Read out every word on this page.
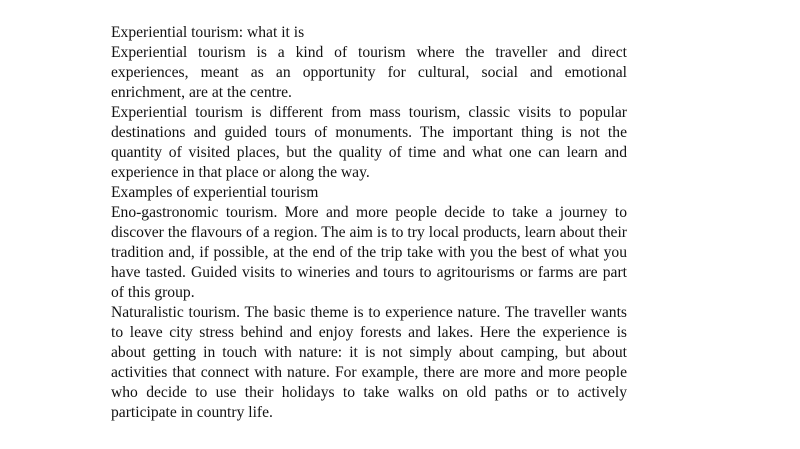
Experiential tourism: what it is

Experiential tourism is a kind of tourism where the traveller and direct experiences, meant as an opportunity for cultural, social and emotional enrichment, are at the centre.

Experiential tourism is different from mass tourism, classic visits to popular destinations and guided tours of monuments. The important thing is not the quantity of visited places, but the quality of time and what one can learn and experience in that place or along the way.

Examples of experiential tourism

Eno-gastronomic tourism. More and more people decide to take a journey to discover the flavours of a region. The aim is to try local products, learn about their tradition and, if possible, at the end of the trip take with you the best of what you have tasted. Guided visits to wineries and tours to agritourisms or farms are part of this group.

Naturalistic tourism. The basic theme is to experience nature. The traveller wants to leave city stress behind and enjoy forests and lakes. Here the experience is about getting in touch with nature: it is not simply about camping, but about activities that connect with nature. For example, there are more and more people who decide to use their holidays to take walks on old paths or to actively participate in country life.
